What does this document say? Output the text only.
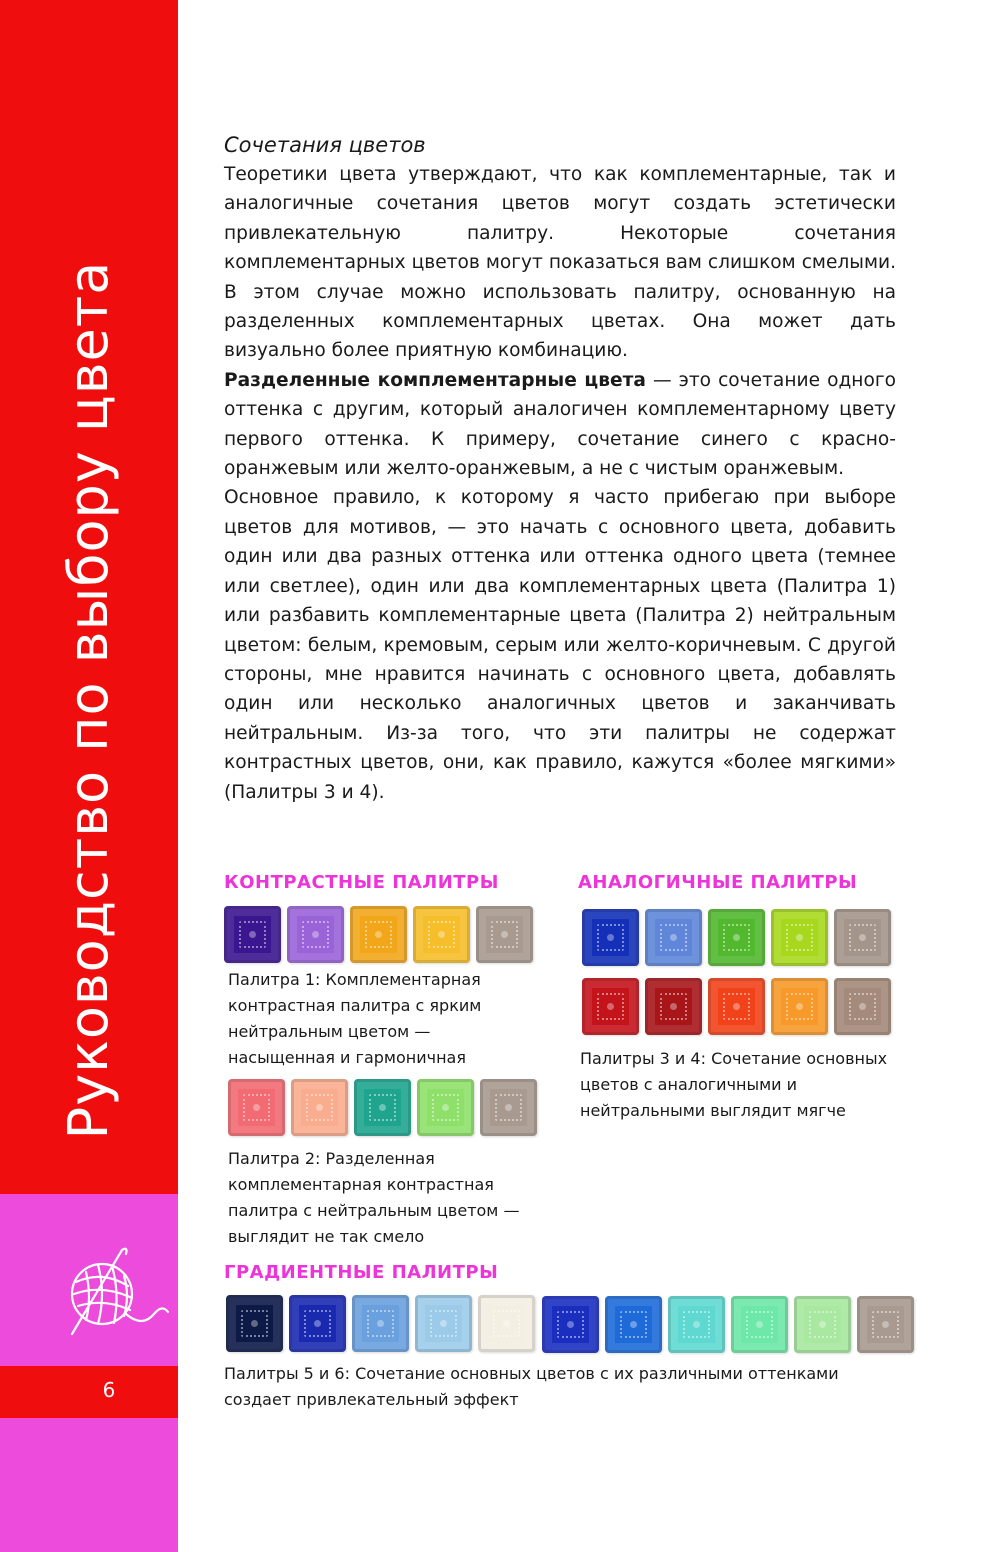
Руководство по выбору цвета
6

Сочетания цветов

Теоретики цвета утверждают, что как комплементарные, так и аналогичные сочетания цветов могут создать эстетически привлекательную палитру. Некоторые сочетания комплементарных цветов могут показаться вам слишком смелыми. В этом случае можно использовать палитру, основанную на разделенных комплементарных цветах. Она может дать визуально более приятную комбинацию.

Разделенные комплементарные цвета — это сочетание одного оттенка с другим, который аналогичен комплементарному цвету первого оттенка. К примеру, сочетание синего с красно-оранжевым или желто-оранжевым, а не с чистым оранжевым.

Основное правило, к которому я часто прибегаю при выборе цветов для мотивов, — это начать с основного цвета, добавить один или два разных оттенка или оттенка одного цвета (темнее или светлее), один или два комплементарных цвета (Палитра 1) или разбавить комплементарные цвета (Палитра 2) нейтральным цветом: белым, кремовым, серым или желто-коричневым. С другой стороны, мне нравится начинать с основного цвета, добавлять один или несколько аналогичных цветов и заканчивать нейтральным. Из-за того, что эти палитры не содержат контрастных цветов, они, как правило, кажутся «более мягкими» (Палитры 3 и 4).

КОНТРАСТНЫЕ ПАЛИТРЫ	АНАЛОГИЧНЫЕ ПАЛИТРЫ
ГРАДИЕНТНЫЕ ПАЛИТРЫ

Палитра 1: Комплементарная контрастная палитра с ярким нейтральным цветом — насыщенная и гармоничная

Палитра 2: Разделенная комплементарная контрастная палитра с нейтральным цветом — выглядит не так смело

Палитры 3 и 4: Сочетание основных цветов с аналогичными и нейтральными выглядит мягче

Палитры 5 и 6: Сочетание основных цветов с их различными оттенками создает привлекательный эффект
